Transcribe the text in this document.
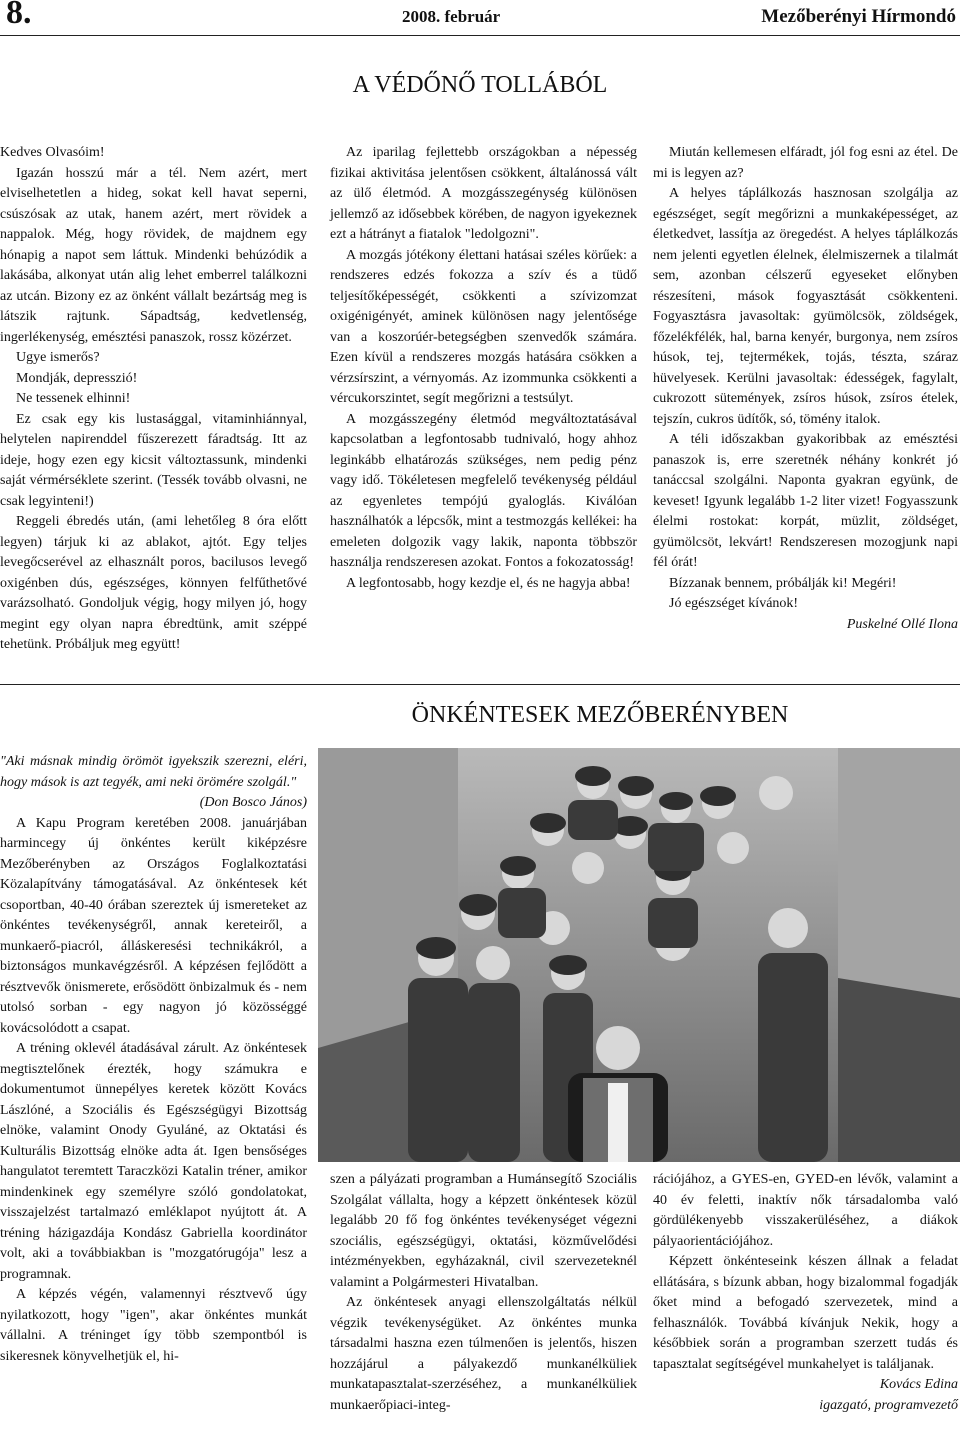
8.	2008. február	Mezőberényi Hírmondó
A VÉDŐNŐ TOLLÁBÓL

Kedves Olvasóim!

Igazán hosszú már a tél. Nem azért, mert elviselhetetlen a hideg, sokat kell havat seperni, csúszósak az utak, hanem azért, mert rövidek a nappalok. Még, hogy rövidek, de majdnem egy hónapig a napot sem láttuk. Mindenki behúzódik a lakásába, alkonyat után alig lehet emberrel találkozni az utcán. Bizony ez az önként vállalt bezártság meg is látszik rajtunk. Sápadtság, kedvetlenség, ingerlékenység, emésztési panaszok, rossz közérzet.

Ugye ismerős?

Mondják, depresszió!

Ne tessenek elhinni!

Ez csak egy kis lustasággal, vitaminhiánnyal, helytelen napirenddel fűszerezett fáradtság. Itt az ideje, hogy ezen egy kicsit változtassunk, mindenki saját vérmérséklete szerint. (Tessék tovább olvasni, ne csak legyinteni!)

Reggeli ébredés után, (ami lehetőleg 8 óra előtt legyen) tárjuk ki az ablakot, ajtót. Egy teljes levegőcserével az elhasznált poros, bacilusos levegő oxigénben dús, egészséges, könnyen felfűthetővé varázsolható. Gondoljuk végig, hogy milyen jó, hogy megint egy olyan napra ébredtünk, amit széppé tehetünk. Próbáljuk meg együtt!

Az iparilag fejlettebb országokban a népesség fizikai aktivitása jelentősen csökkent, általánossá vált az ülő életmód. A mozgásszegénység különösen jellemző az idősebbek körében, de nagyon igyekeznek ezt a hátrányt a fiatalok "ledolgozni".

A mozgás jótékony élettani hatásai széles körűek: a rendszeres edzés fokozza a szív és a tüdő teljesítőképességét, csökkenti a szívizomzat oxigénigényét, aminek különösen nagy jelentősége van a koszorúér-betegségben szenvedők számára. Ezen kívül a rendszeres mozgás hatására csökken a vérzsírszint, a vérnyomás. Az izommunka csökkenti a vércukorszintet, segít megőrizni a testsúlyt.

A mozgásszegény életmód megváltoztatásával kapcsolatban a legfontosabb tudnivaló, hogy ahhoz leginkább elhatározás szükséges, nem pedig pénz vagy idő. Tökéletesen megfelelő tevékenység például az egyenletes tempójú gyaloglás. Kiválóan használhatók a lépcsők, mint a testmozgás kellékei: ha emeleten dolgozik vagy lakik, naponta többször használja rendszeresen azokat. Fontos a fokozatosság!

A legfontosabb, hogy kezdje el, és ne hagyja abba!

Miután kellemesen elfáradt, jól fog esni az étel. De mi is legyen az?

A helyes táplálkozás hasznosan szolgálja az egészséget, segít megőrizni a munkaképességet, az életkedvet, lassítja az öregedést. A helyes táplálkozás nem jelenti egyetlen élelnek, élelmiszernek a tilalmát sem, azonban célszerű egyeseket előnyben részesíteni, mások fogyasztását csökkenteni. Fogyasztásra javasoltak: gyümölcsök, zöldségek, főzelékfélék, hal, barna kenyér, burgonya, nem zsíros húsok, tej, tejtermékek, tojás, tészta, száraz hüvelyesek. Kerülni javasoltak: édességek, fagylalt, cukrozott sütemények, zsíros húsok, zsíros ételek, tejszín, cukros üdítők, só, tömény italok.

A téli időszakban gyakoribbak az emésztési panaszok is, erre szeretnék néhány konkrét jó tanáccsal szolgálni. Naponta gyakran együnk, de keveset! Igyunk legalább 1-2 liter vizet! Fogyasszunk élelmi rostokat: korpát, müzlit, zöldséget, gyümölcsöt, lekvárt! Rendszeresen mozogjunk napi fél órát!

Bízzanak bennem, próbálják ki! Megéri!

Jó egészséget kívánok!

Puskelné Ollé Ilona

ÖNKÉNTESEK MEZŐBERÉNYBEN

"Aki másnak mindig örömöt igyekszik szerezni, eléri, hogy mások is azt tegyék, ami neki örömére szolgál."

(Don Bosco János)

A Kapu Program keretében 2008. januárjában harmincegy új önkéntes került kiképzésre Mezőberényben az Országos Foglalkoztatási Közalapítvány támogatásával. Az önkéntesek két csoportban, 40-40 órában szereztek új ismereteket az önkéntes tevékenységről, annak kereteiről, a munkaerő-piacról, álláskeresési technikákról, a biztonságos munkavégzésről. A képzésen fejlődött a résztvevők önismerete, erősödött önbizalmuk és - nem utolsó sorban - egy nagyon jó közösséggé kovácsolódott a csapat.

A tréning oklevél átadásával zárult. Az önkéntesek megtisztelőnek érezték, hogy számukra e dokumentumot ünnepélyes keretek között Kovács Lászlóné, a Szociális és Egészségügyi Bizottság elnöke, valamint Onody Gyuláné, az Oktatási és Kulturális Bizottság elnöke adta át. Igen bensőséges hangulatot teremtett Taraczközi Katalin tréner, amikor mindenkinek egy személyre szóló gondolatokat, visszajelzést tartalmazó emléklapot nyújtott át. A tréning házigazdája Kondász Gabriella koordinátor volt, aki a továbbiakban is "mozgatórugója" lesz a programnak.

A képzés végén, valamennyi résztvevő úgy nyilatkozott, hogy "igen", akar önkéntes munkát vállalni. A tréninget így több szempontból is sikeresnek könyvelhetjük el, hi-

szen a pályázati programban a Humánsegítő Szociális Szolgálat vállalta, hogy a képzett önkéntesek közül legalább 20 fő fog önkéntes tevékenységet végezni szociális, egészségügyi, oktatási, közművelődési intézményekben, egyházaknál, civil szervezeteknél valamint a Polgármesteri Hivatalban.

Az önkéntesek anyagi ellenszolgáltatás nélkül végzik tevékenységüket. Az önkéntes munka társadalmi haszna ezen túlmenően is jelentős, hiszen hozzájárul a pályakezdő munkanélküliek munkatapasztalat-szerzéséhez, a munkanélküliek munkaerőpiaci-integ-

rációjához, a GYES-en, GYED-en lévők, valamint a 40 év feletti, inaktív nők társadalomba való gördülékenyebb visszakerüléséhez, a diákok pályaorientációjához.

Képzett önkénteseink készen állnak a feladat ellátására, s bízunk abban, hogy bizalommal fogadják őket mind a befogadó szervezetek, mind a felhasználók. Továbbá kívánjuk Nekik, hogy a későbbiek során a programban szerzett tudás és tapasztalat segítségével munkahelyet is találjanak.

Kovács Edina

igazgató, programvezető
